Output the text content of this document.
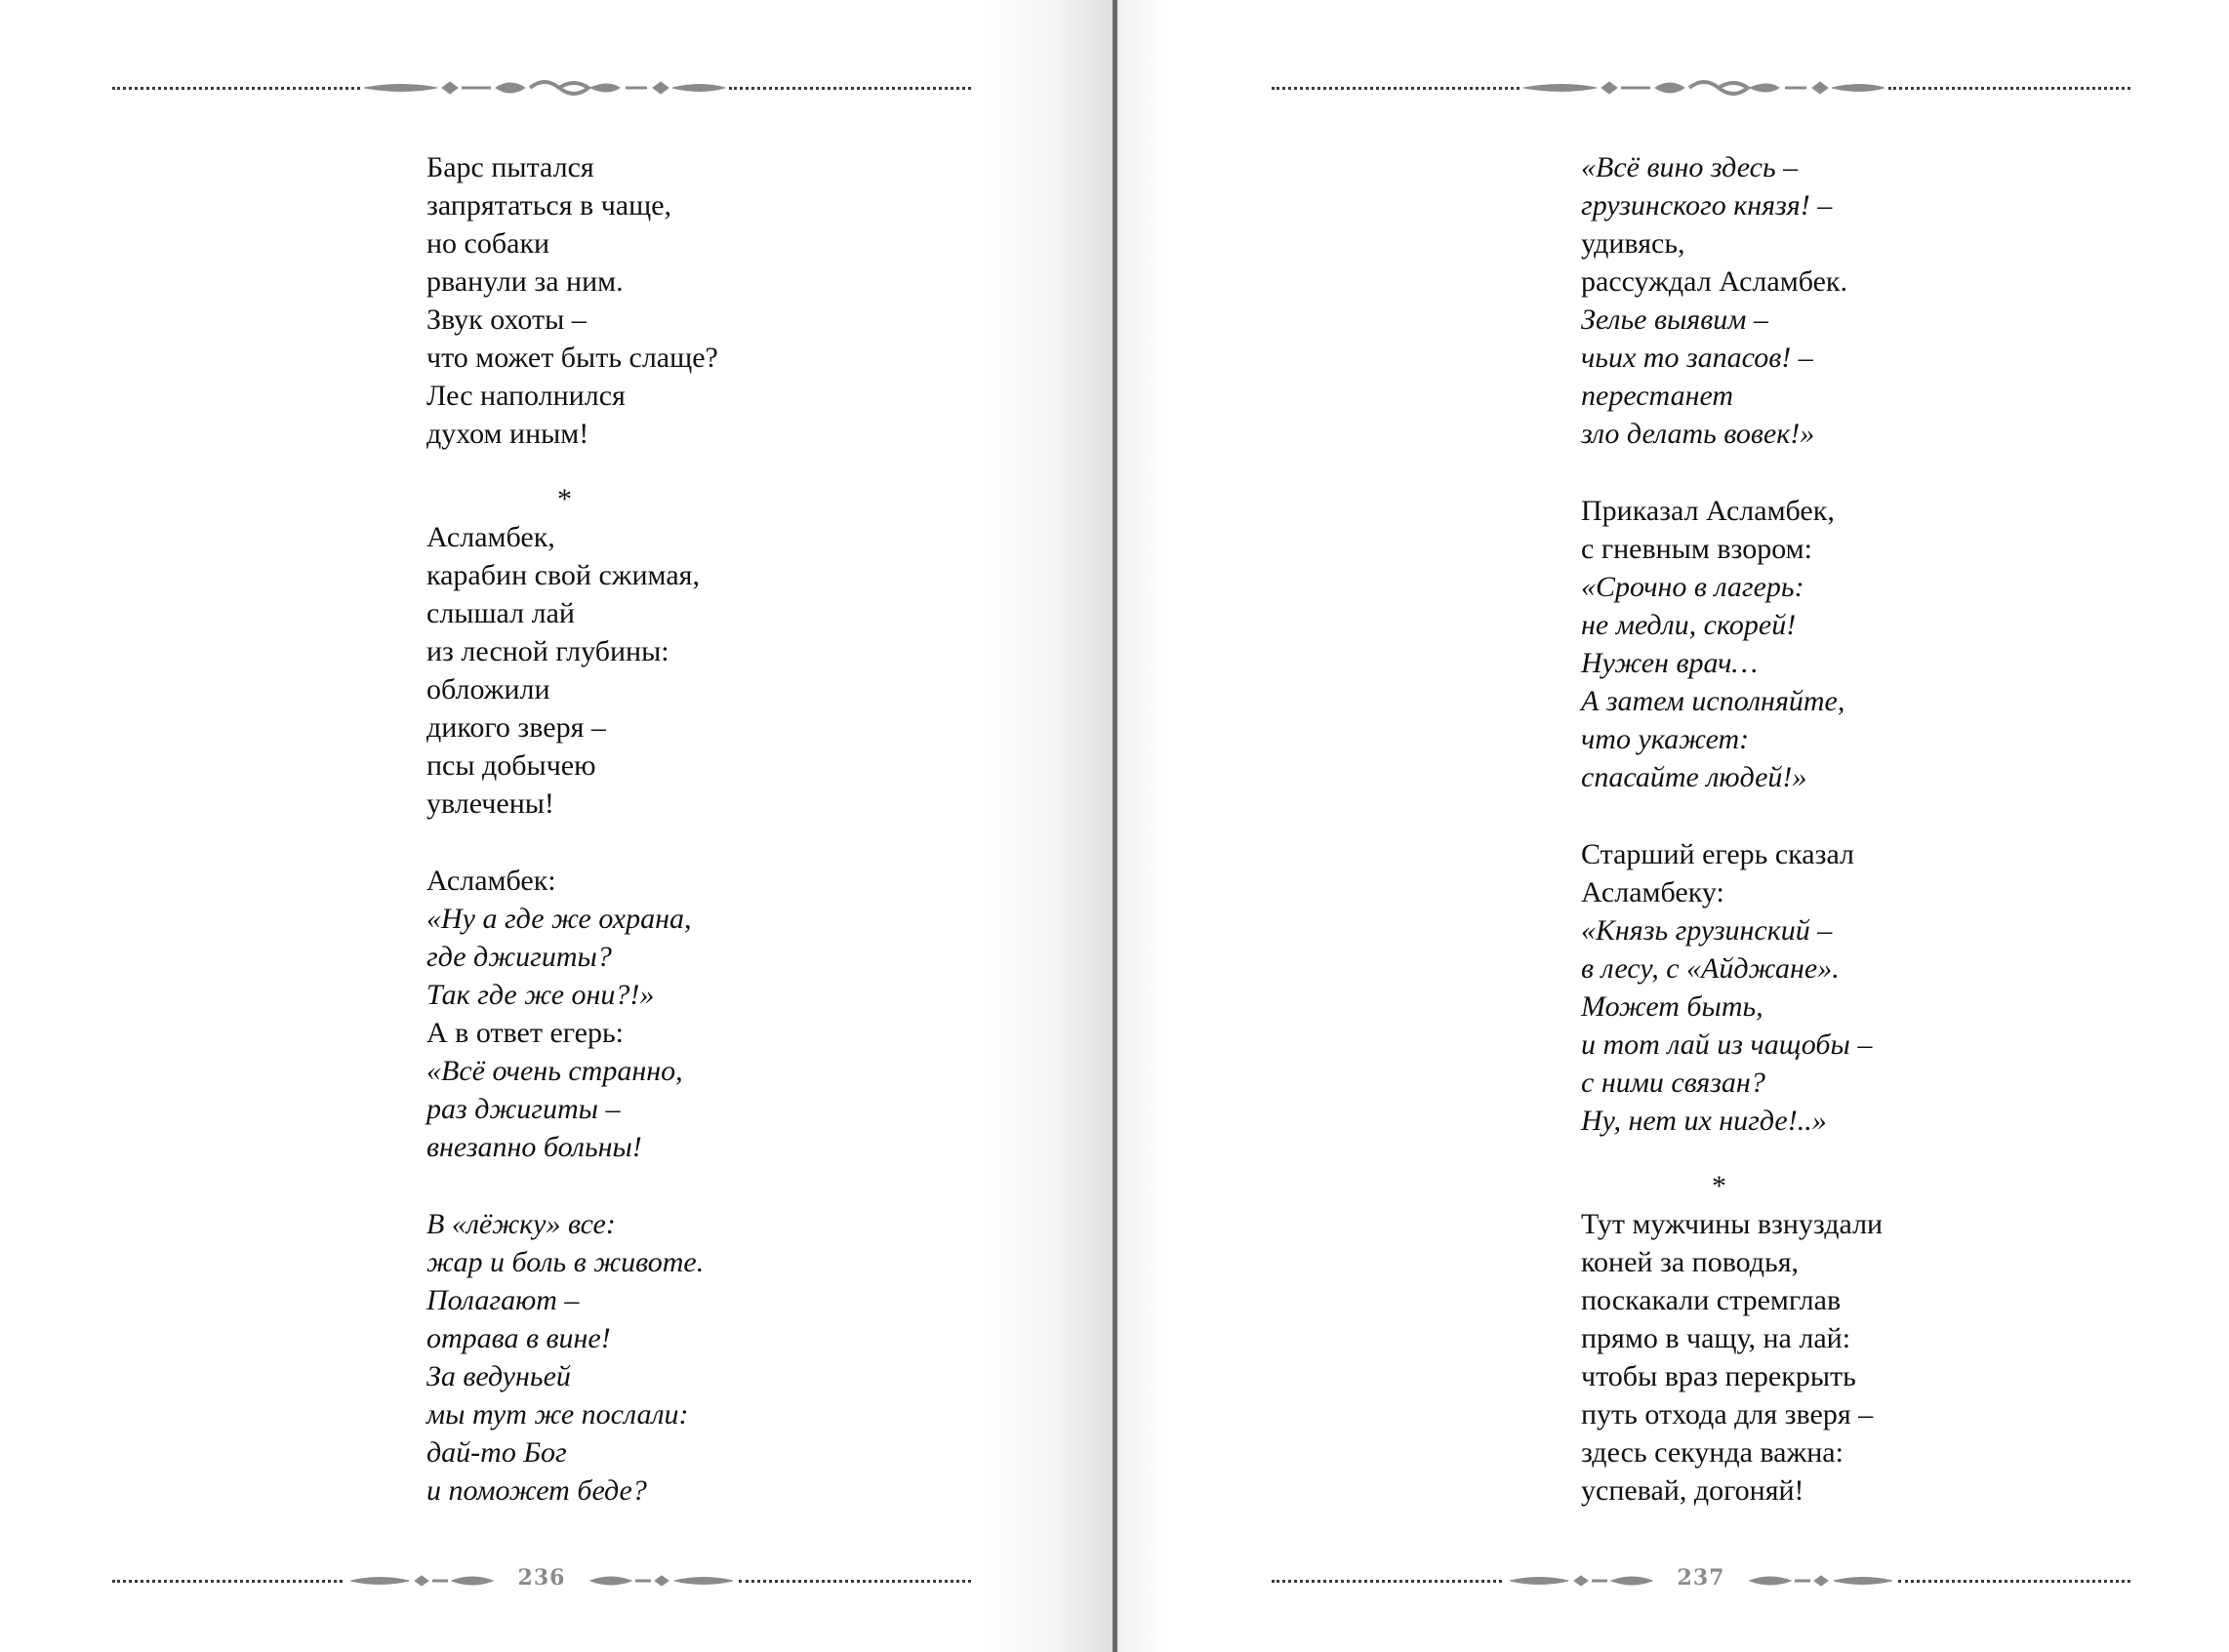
Барс пытался
запрятаться в чаще,
но собаки
рванули за ним.
Звук охоты –
что может быть слаще?
Лес наполнился
духом иным!
*
Асламбек,
карабин свой сжимая,
слышал лай
из лесной глубины:
обложили
дикого зверя –
псы добычею
увлечены!
Асламбек:
«Ну а где же охрана,
где джигиты?
Так где же они?!»
А в ответ егерь:
«Всё очень странно,
раз джигиты –
внезапно больны!
В «лёжку» все:
жар и боль в животе.
Полагают –
отрава в вине!
За ведуньей
мы тут же послали:
дай-то Бог
и поможет беде?
236
«Всё вино здесь –
грузинского князя! –
удивясь,
рассуждал Асламбек.
Зелье выявим –
чьих то запасов! –
перестанет
зло делать вовек!»
Приказал Асламбек,
с гневным взором:
«Срочно в лагерь:
не медли, скорей!
Нужен врач…
А затем исполняйте,
что укажет:
спасайте людей!»
Старший егерь сказал
Асламбеку:
«Князь грузинский –
в лесу, с «Айджане».
Может быть,
и тот лай из чащобы –
с ними связан?
Ну, нет их нигде!..»
*
Тут мужчины взнуздали
коней за поводья,
поскакали стремглав
прямо в чащу, на лай:
чтобы враз перекрыть
путь отхода для зверя –
здесь секунда важна:
успевай, догоняй!
237
